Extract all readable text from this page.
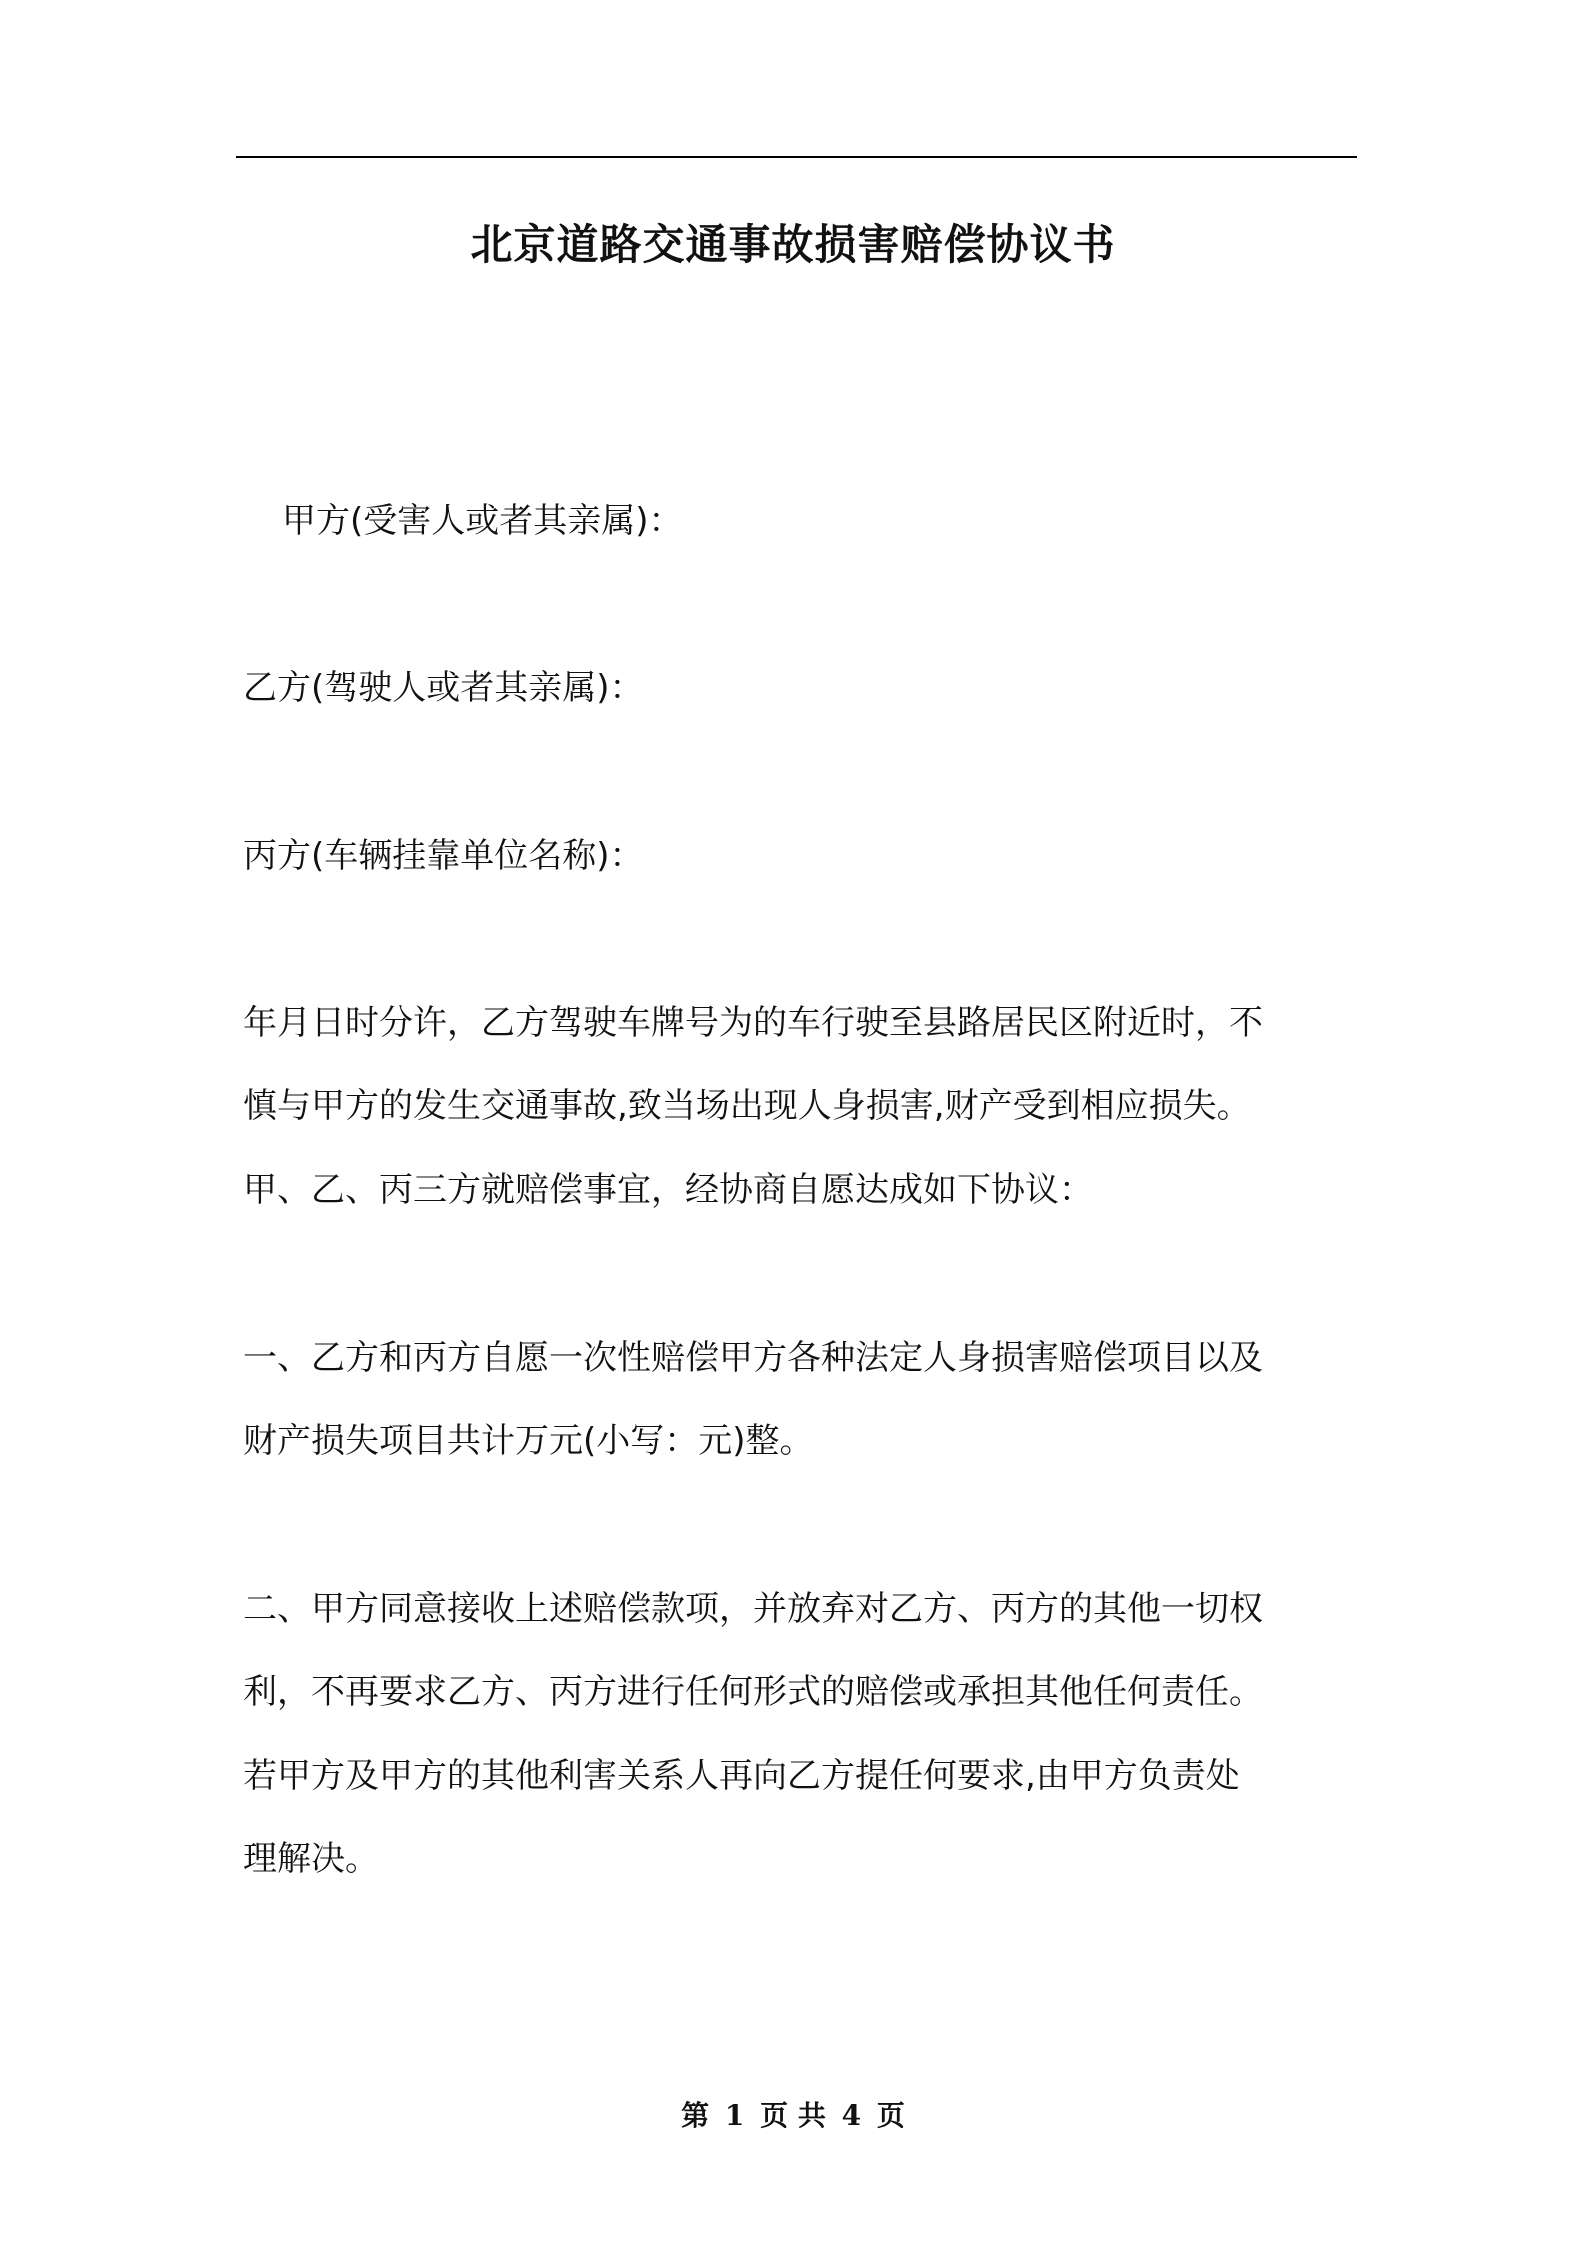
北京道路交通事故损害赔偿协议书
甲方(受害人或者其亲属)：
乙方(驾驶人或者其亲属)：
丙方(车辆挂靠单位名称)：
年月日时分许，乙方驾驶车牌号为的车行驶至县路居民区附近时，不
慎与甲方的发生交通事故,致当场出现人身损害,财产受到相应损失。
甲、乙、丙三方就赔偿事宜，经协商自愿达成如下协议：
一、乙方和丙方自愿一次性赔偿甲方各种法定人身损害赔偿项目以及
财产损失项目共计万元(小写：元)整。
二、甲方同意接收上述赔偿款项，并放弃对乙方、丙方的其他一切权
利，不再要求乙方、丙方进行任何形式的赔偿或承担其他任何责任。
若甲方及甲方的其他利害关系人再向乙方提任何要求,由甲方负责处
理解决。
第 1 页 共 4 页
